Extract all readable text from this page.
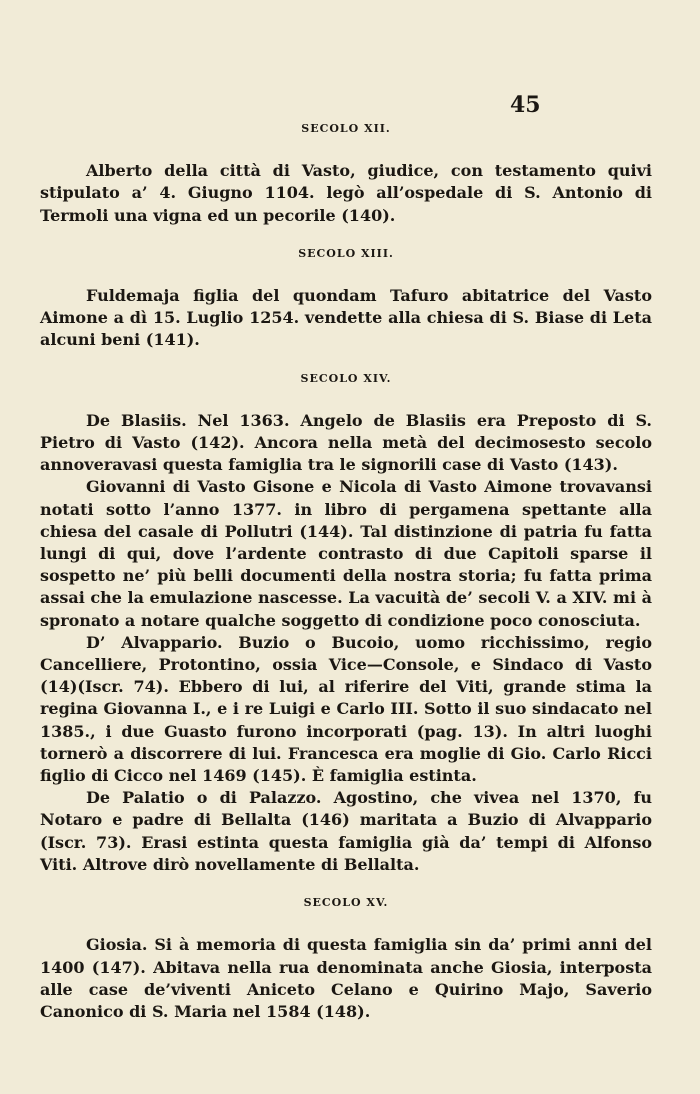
45
SECOLO XII.

Alberto della città di Vasto, giudice, con testamento quivi stipulato a’ 4. Giugno 1104. legò all’ospedale di S. Antonio di Termoli una vigna ed un pecorile (140).

SECOLO XIII.

Fuldemaja figlia del quondam Tafuro abitatrice del Vasto Aimone a dì 15. Luglio 1254. vendette alla chiesa di S. Biase di Leta alcuni beni (141).

SECOLO XIV.

De Blasiis. Nel 1363. Angelo de Blasiis era Preposto di S. Pietro di Vasto (142). Ancora nella metà del decimosesto secolo annoveravasi questa famiglia tra le signorili case di Vasto (143).

Giovanni di Vasto Gisone e Nicola di Vasto Aimone trovavansi notati sotto l’anno 1377. in libro di pergamena spettante alla chiesa del casale di Pollutri (144). Tal distinzione di patria fu fatta lungi di qui, dove l’ardente contrasto di due Capitoli sparse il sospetto ne’ più belli documenti della nostra storia; fu fatta prima assai che la emulazione nascesse. La vacuità de’ secoli V. a XIV. mi à spronato a notare qualche soggetto di condizione poco conosciuta.

D’ Alvappario. Buzio o Bucoio, uomo ricchissimo, regio Cancelliere, Protontino, ossia Vice—Console, e Sindaco di Vasto (14)(Iscr. 74). Ebbero di lui, al riferire del Viti, grande stima la regina Giovanna I., e i re Luigi e Carlo III. Sotto il suo sindacato nel 1385., i due Guasto furono incorporati (pag. 13). In altri luoghi tornerò a discorrere di lui. Francesca era moglie di Gio. Carlo Ricci figlio di Cicco nel 1469 (145). È famiglia estinta.

De Palatio o di Palazzo. Agostino, che vivea nel 1370, fu Notaro e padre di Bellalta (146) maritata a Buzio di Alvappario (Iscr. 73). Erasi estinta questa famiglia già da’ tempi di Alfonso Viti. Altrove dirò novellamente di Bellalta.

SECOLO XV.

Giosia. Si à memoria di questa famiglia sin da’ primi anni del 1400 (147). Abitava nella rua denominata anche Giosia, interposta alle case de’viventi Aniceto Celano e Quirino Majo, Saverio Canonico di S. Maria nel 1584 (148).
